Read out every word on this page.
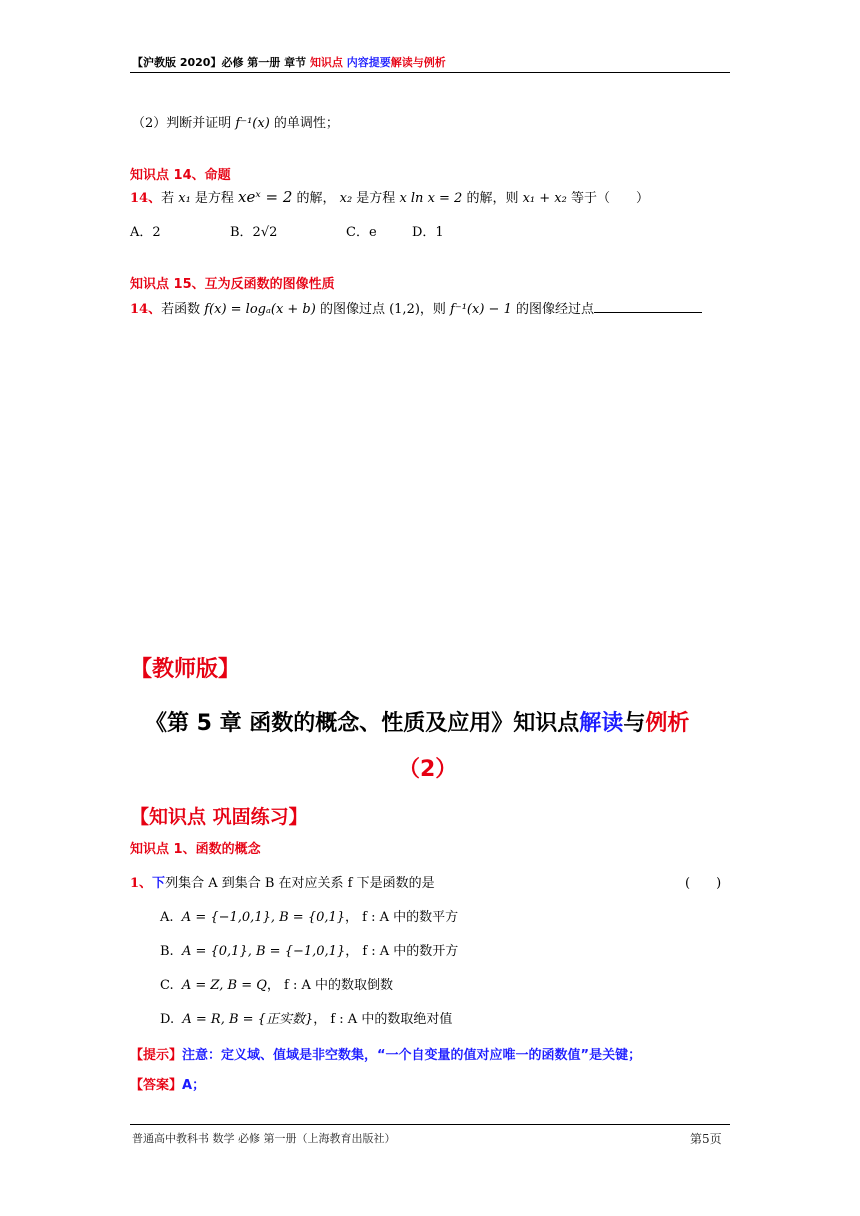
【沪教版 2020】必修 第一册 章节 知识点 内容提要解读与例析
（2）判断并证明 f⁻¹(x) 的单调性；
知识点 14、命题
14、若 x₁ 是方程 xeˣ = 2 的解， x₂ 是方程 x ln x = 2 的解，则 x₁ + x₂ 等于（　　）
A．2	B．2√2	C．e	D．1
知识点 15、互为反函数的图像性质
14、若函数 f(x) = logₐ(x + b) 的图像过点 (1,2)，则 f⁻¹(x) − 1 的图像经过点
【教师版】
《第 5 章 函数的概念、性质及应用》知识点解读与例析
（2）
【知识点 巩固练习】
知识点 1、函数的概念
1、下列集合 A 到集合 B 在对应关系 f 下是函数的是	(　　)
A. A = {−1,0,1}, B = {0,1}， f : A 中的数平方
B. A = {0,1}, B = {−1,0,1}， f : A 中的数开方
C. A = Z, B = Q， f : A 中的数取倒数
D. A = R, B = {正实数}， f : A 中的数取绝对值
【提示】注意：定义域、值域是非空数集，“一个自变量的值对应唯一的函数值”是关键；
【答案】A；
普通高中教科书 数学 必修 第一册（上海教育出版社）	第5页
